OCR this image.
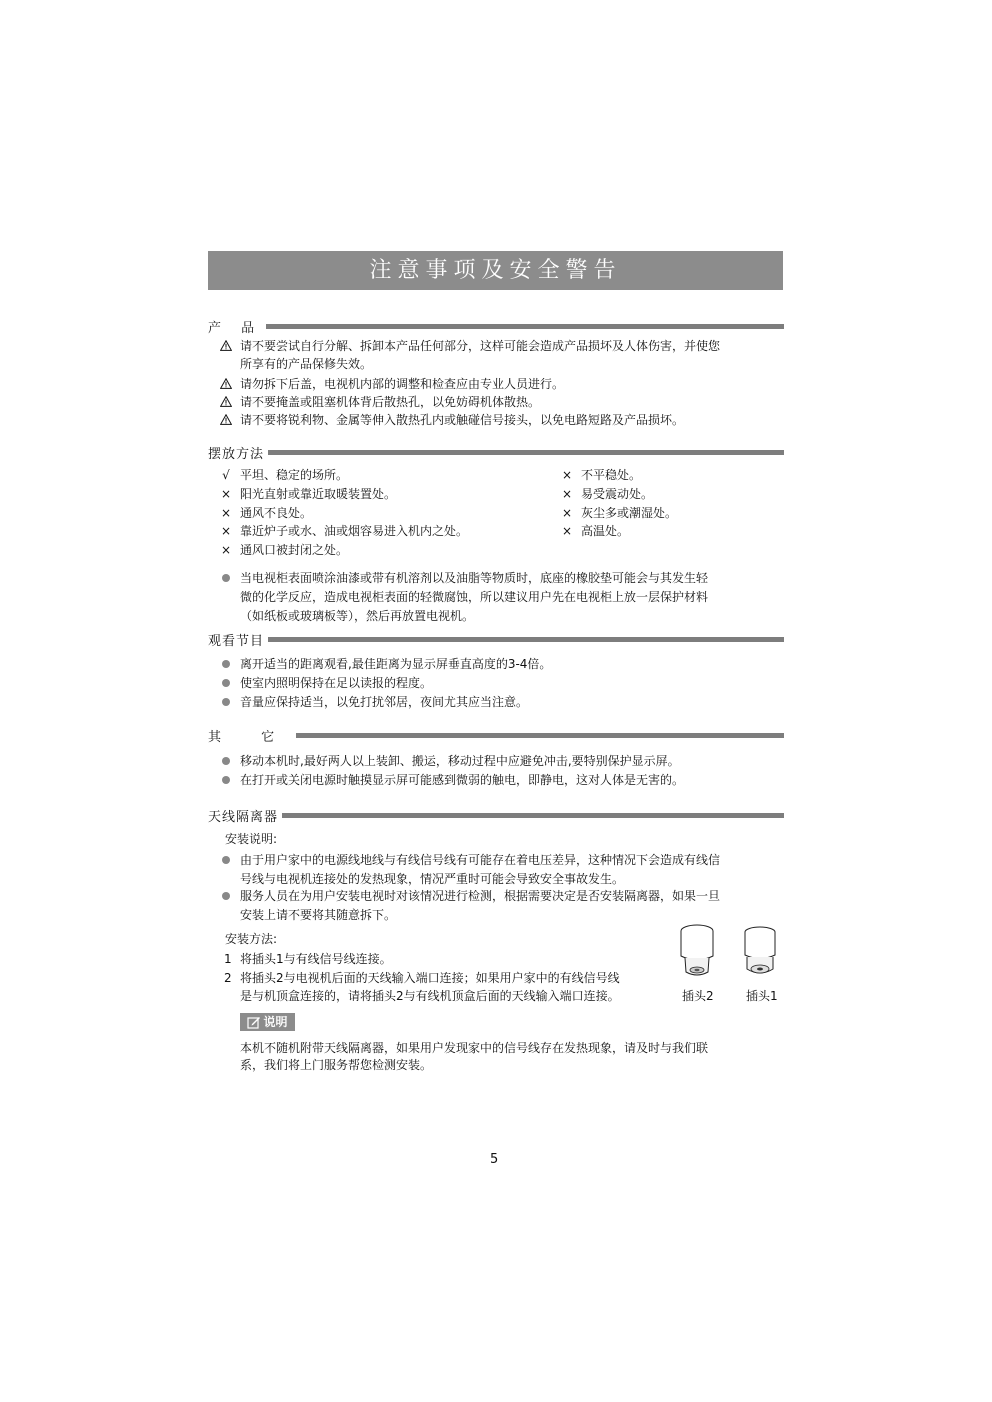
注意事项及安全警告
产 品
请不要尝试自行分解、拆卸本产品任何部分，这样可能会造成产品损坏及人体伤害，并使您
所享有的产品保修失效。
请勿拆下后盖，电视机内部的调整和检查应由专业人员进行。
请不要掩盖或阻塞机体背后散热孔，以免妨碍机体散热。
请不要将锐利物、金属等伸入散热孔内或触碰信号接头，以免电路短路及产品损坏。
摆放方法
√ 平坦、稳定的场所。
× 阳光直射或靠近取暖装置处。
× 通风不良处。
× 靠近炉子或水、油或烟容易进入机内之处。
× 通风口被封闭之处。
× 不平稳处。
× 易受震动处。
× 灰尘多或潮湿处。
× 高温处。
当电视柜表面喷涂油漆或带有机溶剂以及油脂等物质时，底座的橡胶垫可能会与其发生轻
微的化学反应，造成电视柜表面的轻微腐蚀，所以建议用户先在电视柜上放一层保护材料
（如纸板或玻璃板等），然后再放置电视机。
观看节目
离开适当的距离观看,最佳距离为显示屏垂直高度的3-4倍。
使室内照明保持在足以读报的程度。
音量应保持适当，以免打扰邻居，夜间尤其应当注意。
其 它
移动本机时,最好两人以上装卸、搬运，移动过程中应避免冲击,要特别保护显示屏。
在打开或关闭电源时触摸显示屏可能感到微弱的触电，即静电，这对人体是无害的。
天线隔离器
安装说明:
由于用户家中的电源线地线与有线信号线有可能存在着电压差异，这种情况下会造成有线信
号线与电视机连接处的发热现象，情况严重时可能会导致安全事故发生。
服务人员在为用户安装电视时对该情况进行检测，根据需要决定是否安装隔离器，如果一旦
安装上请不要将其随意拆下。
安装方法:
1 将插头1与有线信号线连接。
2 将插头2与电视机后面的天线输入端口连接；如果用户家中的有线信号线
是与机顶盒连接的，请将插头2与有线机顶盒后面的天线输入端口连接。	插头2	插头1
说明
本机不随机附带天线隔离器，如果用户发现家中的信号线存在发热现象，请及时与我们联
系，我们将上门服务帮您检测安装。
5
